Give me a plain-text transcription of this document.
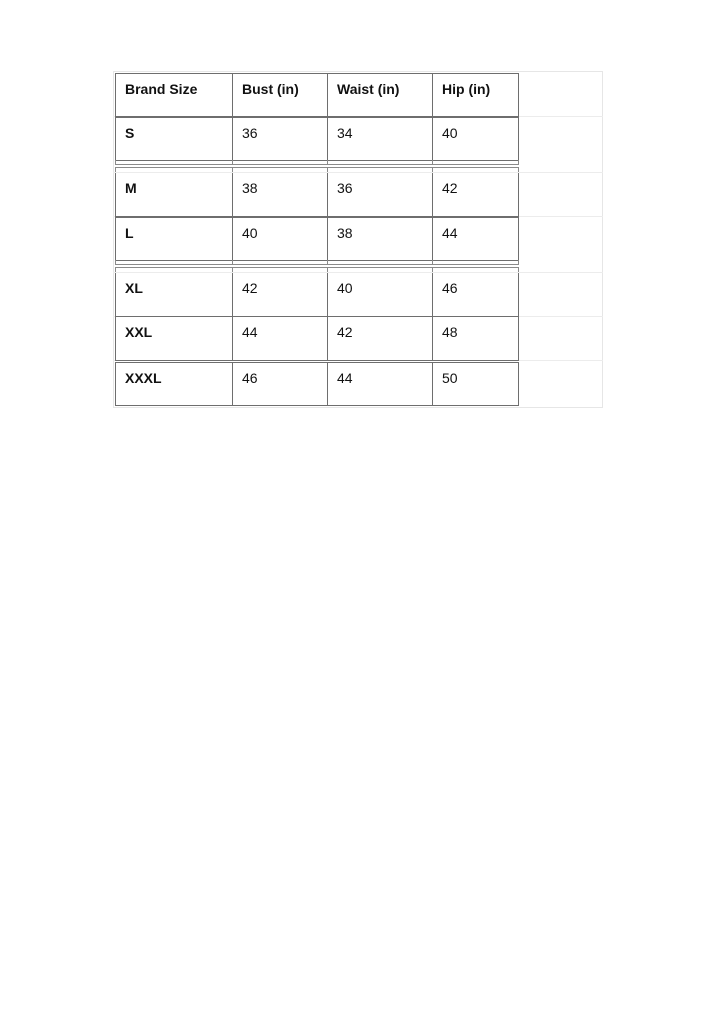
Brand Size	Bust (in)	Waist (in)	Hip (in)
S	36	34	40
M	38	36	42
L	40	38	44
XL	42	40	46
XXL	44	42	48
XXXL	46	44	50
